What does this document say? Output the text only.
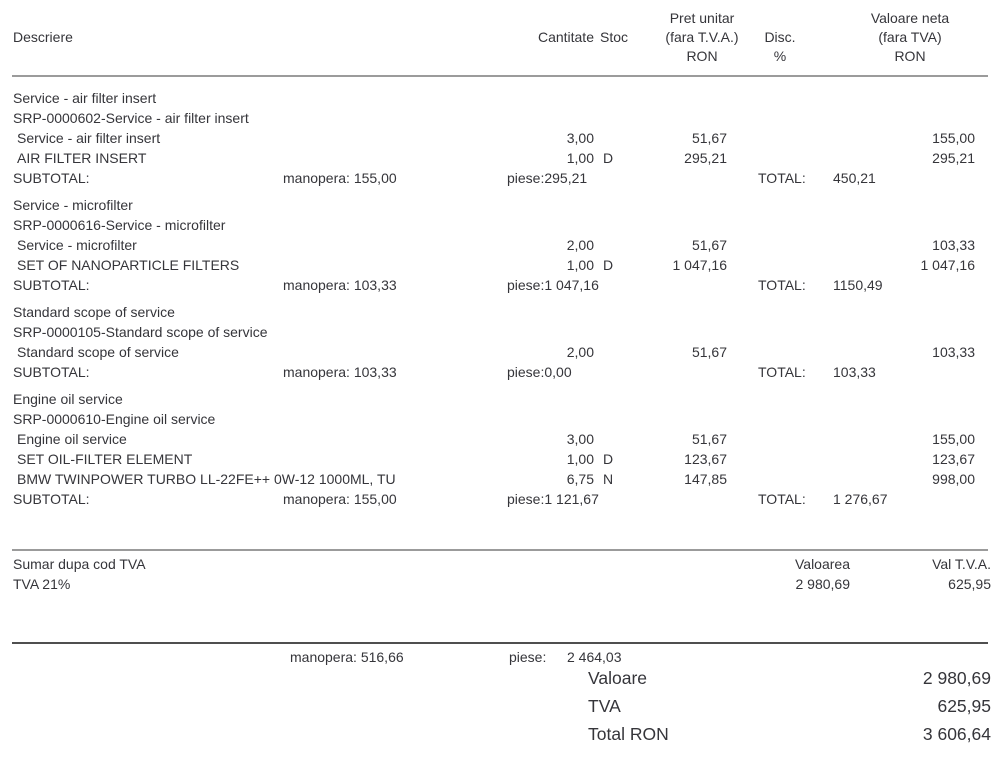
Pret unitar	Valoare neta
Descriere	Cantitate Stoc	(fara T.V.A.)	Disc.	(fara TVA)
RON	%	RON
Service - air filter insert
SRP-0000602-Service - air filter insert
Service - air filter insert	3,00	51,67	155,00
AIR FILTER INSERT	1,00 D	295,21	295,21
SUBTOTAL:	manopera: 155,00	piese:295,21	TOTAL: 450,21
Service - microfilter
SRP-0000616-Service - microfilter
Service - microfilter	2,00	51,67	103,33
SET OF NANOPARTICLE FILTERS	1,00 D	1 047,16	1 047,16
SUBTOTAL:	manopera: 103,33	piese:1 047,16	TOTAL: 1150,49
Standard scope of service
SRP-0000105-Standard scope of service
Standard scope of service	2,00	51,67	103,33
SUBTOTAL:	manopera: 103,33	piese:0,00	TOTAL: 103,33
Engine oil service
SRP-0000610-Engine oil service
Engine oil service	3,00	51,67	155,00
SET OIL-FILTER ELEMENT	1,00 D	123,67	123,67
BMW TWINPOWER TURBO LL-22FE++ 0W-12 1000ML, TU	6,75 N	147,85	998,00
SUBTOTAL:	manopera: 155,00	piese:1 121,67	TOTAL: 1 276,67
Sumar dupa cod TVA	Valoarea	Val T.V.A.
TVA 21%	2 980,69	625,95
manopera: 516,66	piese: 2 464,03
Valoare	2 980,69
TVA	625,95
Total RON	3 606,64
